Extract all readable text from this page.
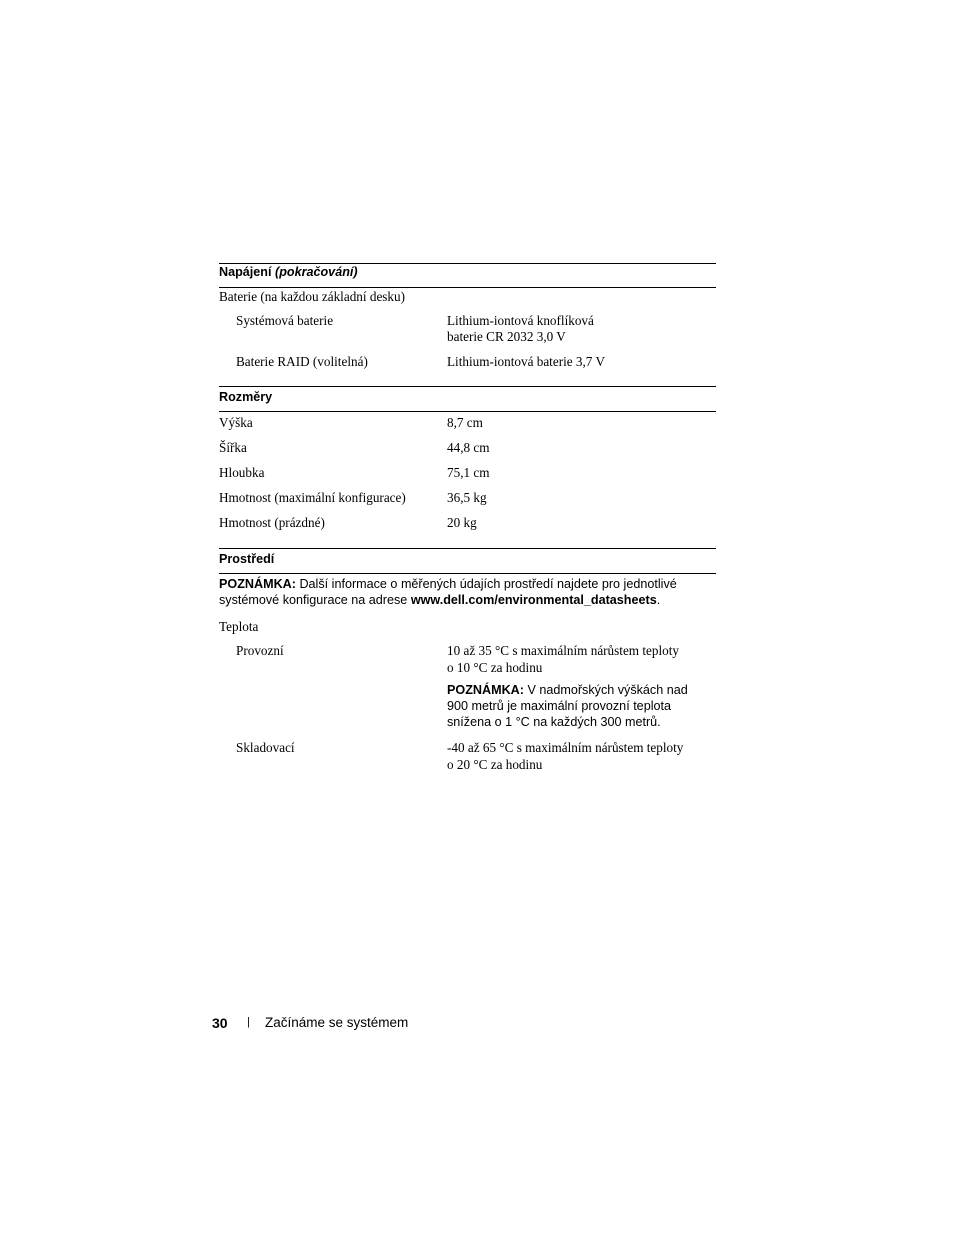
Napájení (pokračování)
Baterie (na každou základní desku)
Systémová baterie	Lithium-iontová knoflíková
baterie CR 2032 3,0 V
Baterie RAID (volitelná)	Lithium-iontová baterie 3,7 V
Rozměry
Výška	8,7 cm
Šířka	44,8 cm
Hloubka	75,1 cm
Hmotnost (maximální konfigurace)	36,5 kg
Hmotnost (prázdné)	20 kg
Prostředí
POZNÁMKA: Další informace o měřených údajích prostředí najdete pro jednotlivé
systémové konfigurace na adrese www.dell.com/environmental_datasheets.
Teplota
Provozní	10 až 35 °C s maximálním nárůstem teploty
o 10 °C za hodinu
POZNÁMKA: V nadmořských výškách nad
900 metrů je maximální provozní teplota
snížena o 1 °C na každých 300 metrů.
Skladovací	-40 až 65 °C s maximálním nárůstem teploty
o 20 °C za hodinu
30 | Začínáme se systémem
